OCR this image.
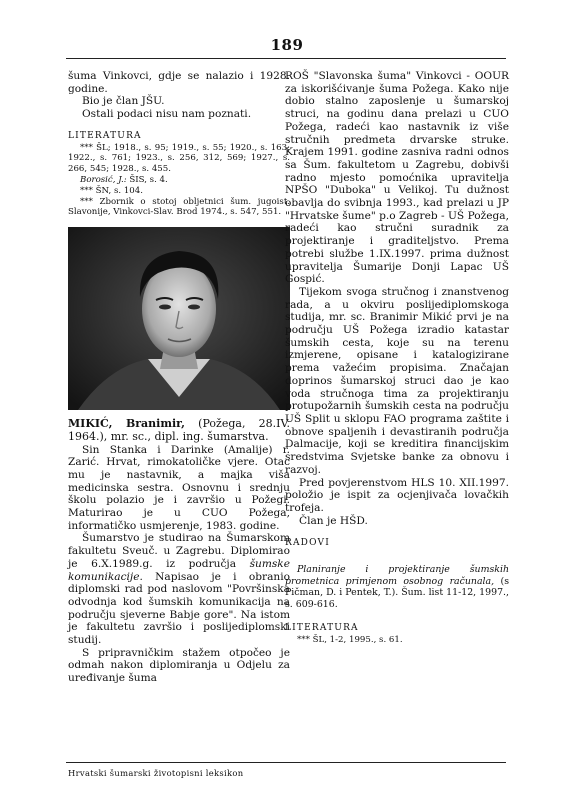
189

šuma Vinkovci, gdje se nalazio i 1928. godine.

Bio je član JŠU.

Ostali podaci nisu nam poznati.

LITERATURA

*** ŠL; 1918., s. 95; 1919., s. 55; 1920., s. 163; 1922., s. 761; 1923., s. 256, 312, 569; 1927., s. 266, 545; 1928., s. 455.

Borosić, J.: ŠIS, s. 4.

*** ŠN, s. 104.

*** Zbornik o stotoj obljetnici šum. jugoist. Slavonije, Vinkovci-Slav. Brod 1974., s. 547, 551.

MIKIĆ, Branimir, (Požega, 28.IV. 1964.), mr. sc., dipl. ing. šumarstva.

Sin Stanka i Darinke (Amalije) r. Zarić. Hrvat, rimokatoličke vjere. Otac mu je nastavnik, a majka viša medicinska sestra. Osnovnu i srednju školu polazio je i završio u Požegi. Maturirao je u CUO Požega, informatičko usmjerenje, 1983. godine.

Šumarstvo je studirao na Šumarskom fakultetu Sveuč. u Zagrebu. Diplomirao je 6.X.1989.g. iz područja šumske komunikacije. Napisao je i obranio diplomski rad pod naslovom "Površinska odvodnja kod šumskih komunikacija na području sjeverne Babje gore". Na istom je fakultetu završio i poslijediplomski studij.

S pripravničkim stažem otpočeo je odmah nakon diplomiranja u Odjelu za uređivanje šuma

ROŠ "Slavonska šuma" Vinkovci - OOUR za iskorišćivanje šuma Požega. Kako nije dobio stalno zaposlenje u šumarskoj struci, na godinu dana prelazi u CUO Požega, radeći kao nastavnik iz više stručnih predmeta drvarske struke. Krajem 1991. godine zasniva radni odnos sa Šum. fakultetom u Zagrebu, dobivši radno mjesto pomoćnika upravitelja NPŠO "Duboka" u Velikoj. Tu dužnost obavlja do svibnja 1993., kad prelazi u JP "Hrvatske šume" p.o Zagreb - UŠ Požega, radeći kao stručni suradnik za projektiranje i graditeljstvo. Prema potrebi službe 1.IX.1997. prima dužnost upravitelja Šumarije Donji Lapac UŠ Gospić.

Tijekom svoga stručnog i znanstvenog rada, a u okviru poslijediplomskoga studija, mr. sc. Branimir Mikić prvi je na području UŠ Požega izradio katastar šumskih cesta, koje su na terenu izmjerene, opisane i katalogizirane prema važećim propisima. Značajan doprinos šumarskoj struci dao je kao voda stručnoga tima za projektiranju protupožarnih šumskih cesta na području UŠ Split u sklopu FAO programa zaštite i obnove spaljenih i devastiranih područja Dalmacije, koji se kreditira financijskim sredstvima Svjetske banke za obnovu i razvoj.

Pred povjerenstvom HLS 10. XII.1997. položio je ispit za ocjenjivača lovačkih trofeja.

Član je HŠD.

RADOVI

Planiranje i projektiranje šumskih prometnica primjenom osobnog računala, (s Pičman, D. i Pentek, T.). Šum. list 11-12, 1997., s. 609-616.

LITERATURA

*** ŠL, 1-2, 1995., s. 61.

Hrvatski šumarski životopisni leksikon
